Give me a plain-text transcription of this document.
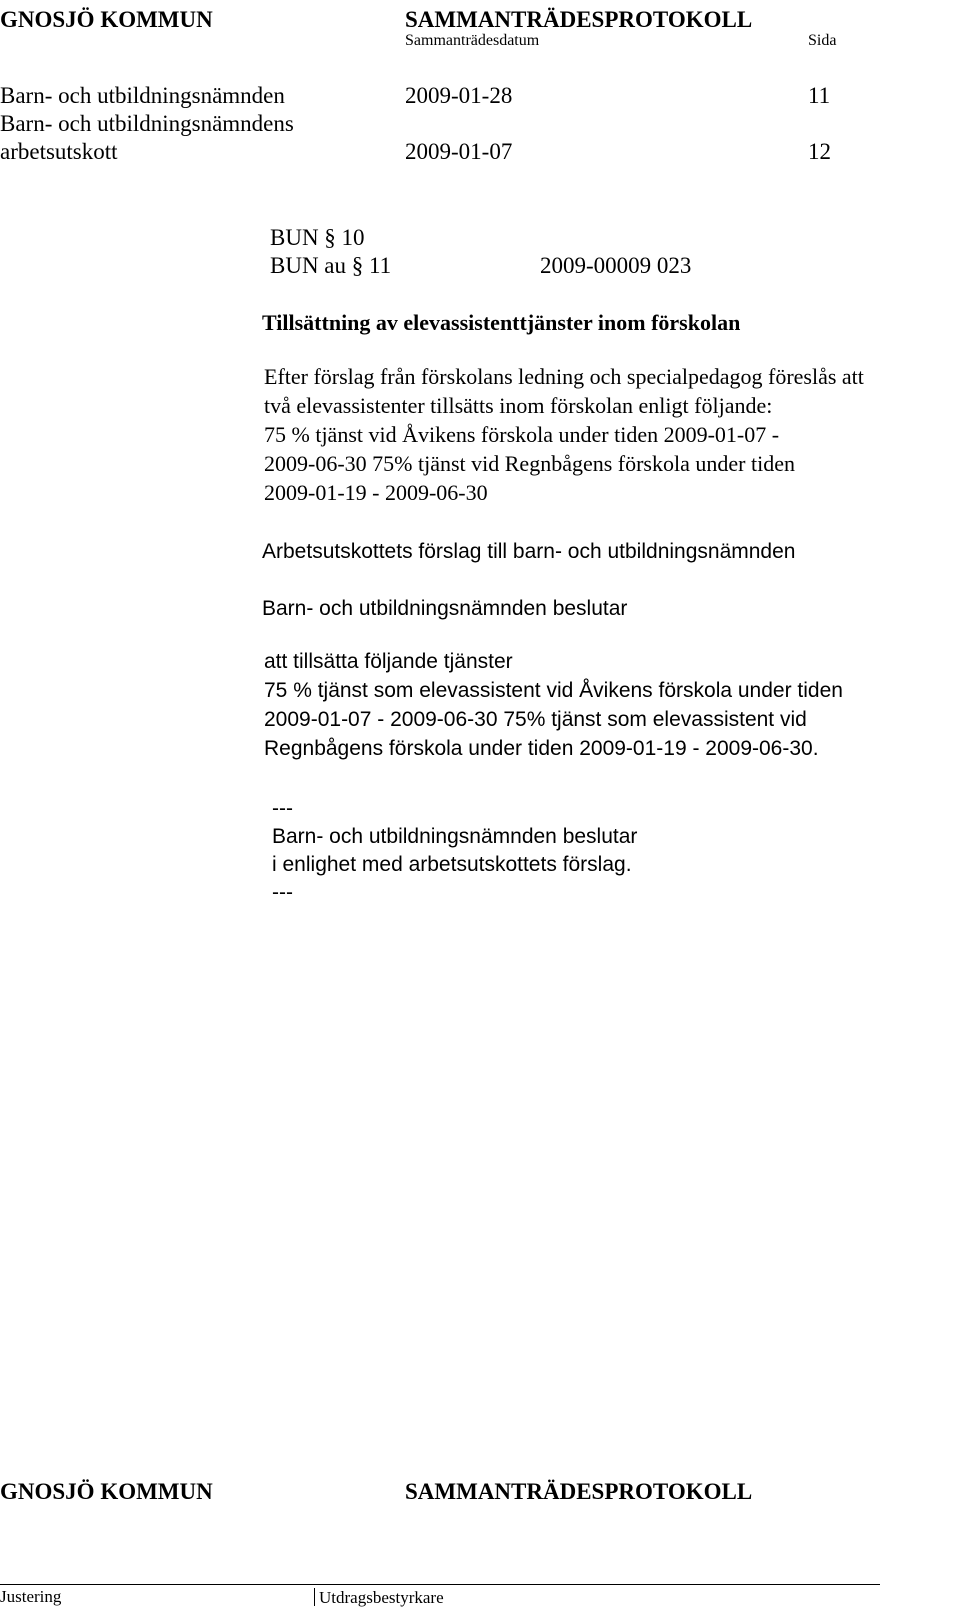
GNOSJÖ KOMMUN	SAMMANTRÄDESPROTOKOLL
Sammanträdesdatum	Sida
Barn- och utbildningsnämnden	2009-01-28	11
Barn- och utbildningsnämndens
arbetsutskott	2009-01-07	12
BUN § 10
BUN au § 11	2009-00009 023
Tillsättning av elevassistenttjänster inom förskolan
Efter förslag från förskolans ledning och specialpedagog föreslås att
två elevassistenter tillsätts inom förskolan enligt följande:
75 % tjänst vid Åvikens förskola under tiden 2009-01-07 -
2009-06-30 75% tjänst vid Regnbågens förskola under tiden
2009-01-19 - 2009-06-30
Arbetsutskottets förslag till barn- och utbildningsnämnden
Barn- och utbildningsnämnden beslutar
att tillsätta följande tjänster
75 % tjänst som elevassistent vid Åvikens förskola under tiden
2009-01-07 - 2009-06-30 75% tjänst som elevassistent vid
Regnbågens förskola under tiden 2009-01-19 - 2009-06-30.
---
Barn- och utbildningsnämnden beslutar
i enlighet med arbetsutskottets förslag.
---
GNOSJÖ KOMMUN	SAMMANTRÄDESPROTOKOLL
Justering	Utdragsbestyrkare
